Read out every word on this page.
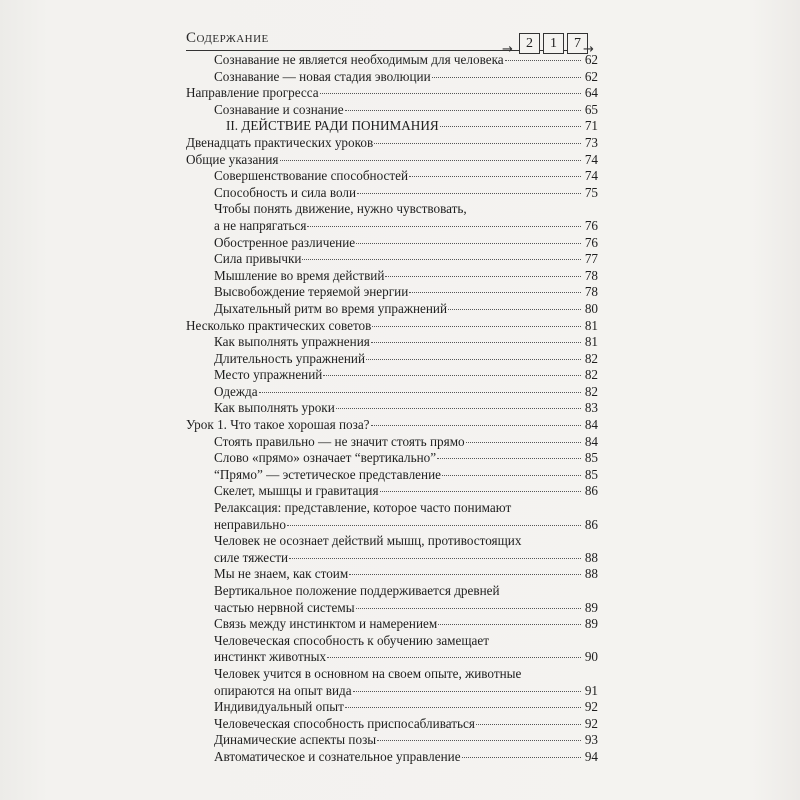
Содержание
→ 2	1	7 →
Сознавание не является необходимым для человека	62
Сознавание — новая стадия эволюции	62
Направление прогресса	64
Сознавание и сознание	65
II. ДЕЙСТВИЕ РАДИ ПОНИМАНИЯ	71
Двенадцать практических уроков	73
Общие указания	74
Совершенствование способностей	74
Способность и сила воли	75
Чтобы понять движение, нужно чувствовать,
а не напрягаться	76
Обостренное различение	76
Сила привычки	77
Мышление во время действий	78
Высвобождение теряемой энергии	78
Дыхательный ритм во время упражнений	80
Несколько практических советов	81
Как выполнять упражнения	81
Длительность упражнений	82
Место упражнений	82
Одежда	82
Как выполнять уроки	83
Урок 1. Что такое хорошая поза?	84
Стоять правильно — не значит стоять прямо	84
Слово «прямо» означает “вертикально”	85
“Прямо” — эстетическое представление	85
Скелет, мышцы и гравитация	86
Релаксация: представление, которое часто понимают
неправильно	86
Человек не осознает действий мышц, противостоящих
силе тяжести	88
Мы не знаем, как стоим	88
Вертикальное положение поддерживается древней
частью нервной системы	89
Связь между инстинктом и намерением	89
Человеческая способность к обучению замещает
инстинкт животных	90
Человек учится в основном на своем опыте, животные
опираются на опыт вида	91
Индивидуальный опыт	92
Человеческая способность приспосабливаться	92
Динамические аспекты позы	93
Автоматическое и сознательное управление	94
